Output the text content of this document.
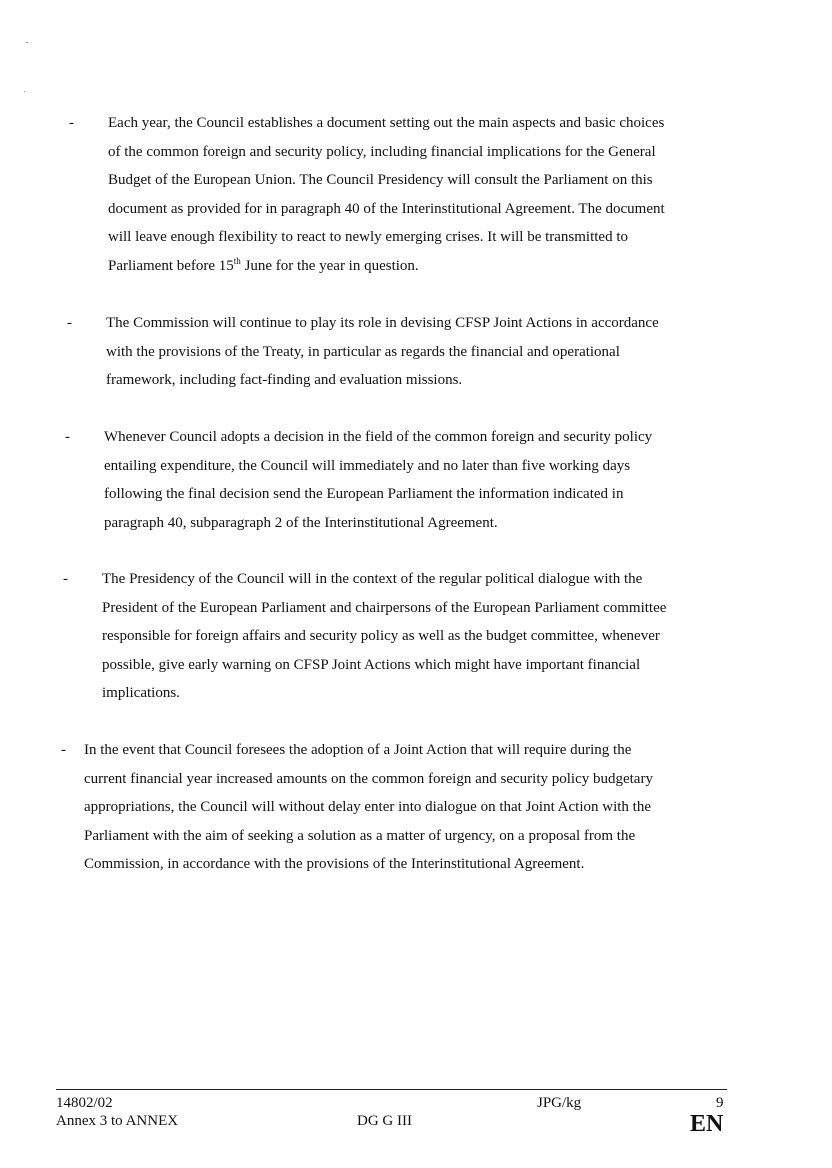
- Each year, the Council establishes a document setting out the main aspects and basic choices
of the common foreign and security policy, including financial implications for the General
Budget of the European Union. The Council Presidency will consult the Parliament on this
document as provided for in paragraph 40 of the Interinstitutional Agreement. The document
will leave enough flexibility to react to newly emerging crises. It will be transmitted to
Parliament before 15th June for the year in question.
- The Commission will continue to play its role in devising CFSP Joint Actions in accordance
with the provisions of the Treaty, in particular as regards the financial and operational
framework, including fact-finding and evaluation missions.
- Whenever Council adopts a decision in the field of the common foreign and security policy
entailing expenditure, the Council will immediately and no later than five working days
following the final decision send the European Parliament the information indicated in
paragraph 40, subparagraph 2 of the Interinstitutional Agreement.
- The Presidency of the Council will in the context of the regular political dialogue with the
President of the European Parliament and chairpersons of the European Parliament committee
responsible for foreign affairs and security policy as well as the budget committee, whenever
possible, give early warning on CFSP Joint Actions which might have important financial
implications.
- In the event that Council foresees the adoption of a Joint Action that will require during the
current financial year increased amounts on the common foreign and security policy budgetary
appropriations, the Council will without delay enter into dialogue on that Joint Action with the
Parliament with the aim of seeking a solution as a matter of urgency, on a proposal from the
Commission, in accordance with the provisions of the Interinstitutional Agreement.
14802/02
Annex 3 to ANNEX	DG G III
JPG/kg	9
EN
